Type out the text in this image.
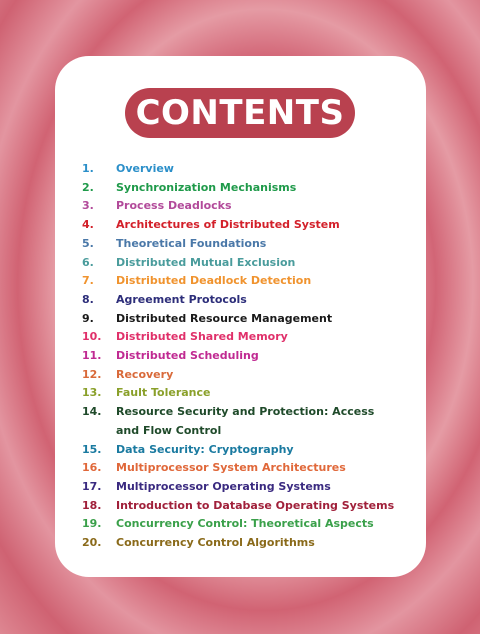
CONTENTS
1.	Overview
2.	Synchronization Mechanisms
3.	Process Deadlocks
4.	Architectures of Distributed System
5.	Theoretical Foundations
6.	Distributed Mutual Exclusion
7.	Distributed Deadlock Detection
8.	Agreement Protocols
9.	Distributed Resource Management
10.	Distributed Shared Memory
11.	Distributed Scheduling
12.	Recovery
13.	Fault Tolerance
14.	Resource Security and Protection: Access and Flow Control
15.	Data Security: Cryptography
16.	Multiprocessor System Architectures
17.	Multiprocessor Operating Systems
18.	Introduction to Database Operating Systems
19.	Concurrency Control: Theoretical Aspects
20.	Concurrency Control Algorithms
